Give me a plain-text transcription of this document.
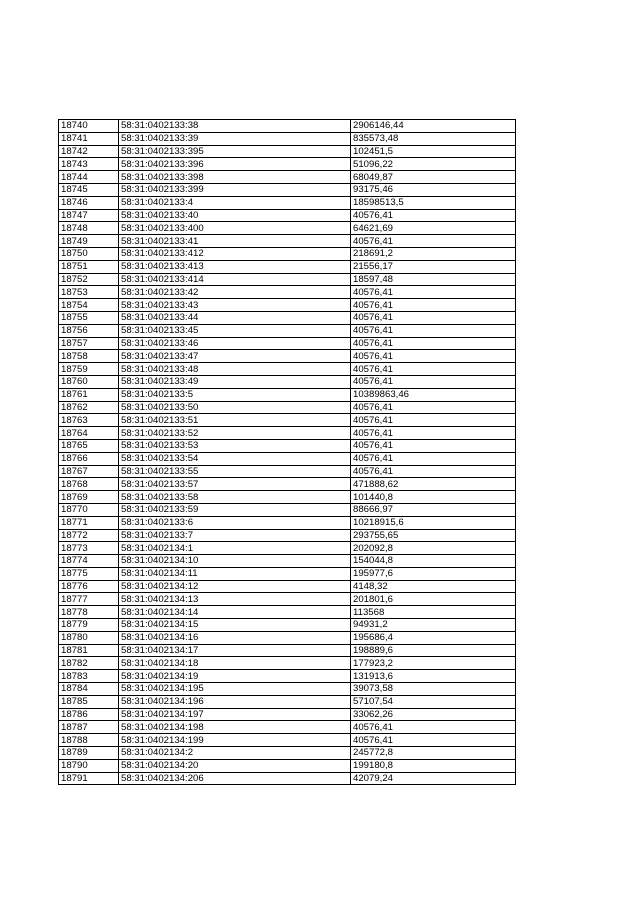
18740	58:31:0402133:38	2906146,44
18741	58:31:0402133:39	835573,48
18742	58:31:0402133:395	102451,5
18743	58:31:0402133:396	51096,22
18744	58:31:0402133:398	68049,87
18745	58:31:0402133:399	93175,46
18746	58:31:0402133:4	18598513,5
18747	58:31:0402133:40	40576,41
18748	58:31:0402133:400	64621,69
18749	58:31:0402133:41	40576,41
18750	58:31:0402133:412	218691,2
18751	58:31:0402133:413	21556,17
18752	58:31:0402133:414	18597,48
18753	58:31:0402133:42	40576,41
18754	58:31:0402133:43	40576,41
18755	58:31:0402133:44	40576,41
18756	58:31:0402133:45	40576,41
18757	58:31:0402133:46	40576,41
18758	58:31:0402133:47	40576,41
18759	58:31:0402133:48	40576,41
18760	58:31:0402133:49	40576,41
18761	58:31:0402133:5	10389863,46
18762	58:31:0402133:50	40576,41
18763	58:31:0402133:51	40576,41
18764	58:31:0402133:52	40576,41
18765	58:31:0402133:53	40576,41
18766	58:31:0402133:54	40576,41
18767	58:31:0402133:55	40576,41
18768	58:31:0402133:57	471888,62
18769	58:31:0402133:58	101440,8
18770	58:31:0402133:59	88666,97
18771	58:31:0402133:6	10218915,6
18772	58:31:0402133:7	293755,65
18773	58:31:0402134:1	202092,8
18774	58:31:0402134:10	154044,8
18775	58:31:0402134:11	195977,6
18776	58:31:0402134:12	4148,32
18777	58:31:0402134:13	201801,6
18778	58:31:0402134:14	113568
18779	58:31:0402134:15	94931,2
18780	58:31:0402134:16	195686,4
18781	58:31:0402134:17	198889,6
18782	58:31:0402134:18	177923,2
18783	58:31:0402134:19	131913,6
18784	58:31:0402134:195	39073,58
18785	58:31:0402134:196	57107,54
18786	58:31:0402134:197	33062,26
18787	58:31:0402134:198	40576,41
18788	58:31:0402134:199	40576,41
18789	58:31:0402134:2	245772,8
18790	58:31:0402134:20	199180,8
18791	58:31:0402134:206	42079,24
